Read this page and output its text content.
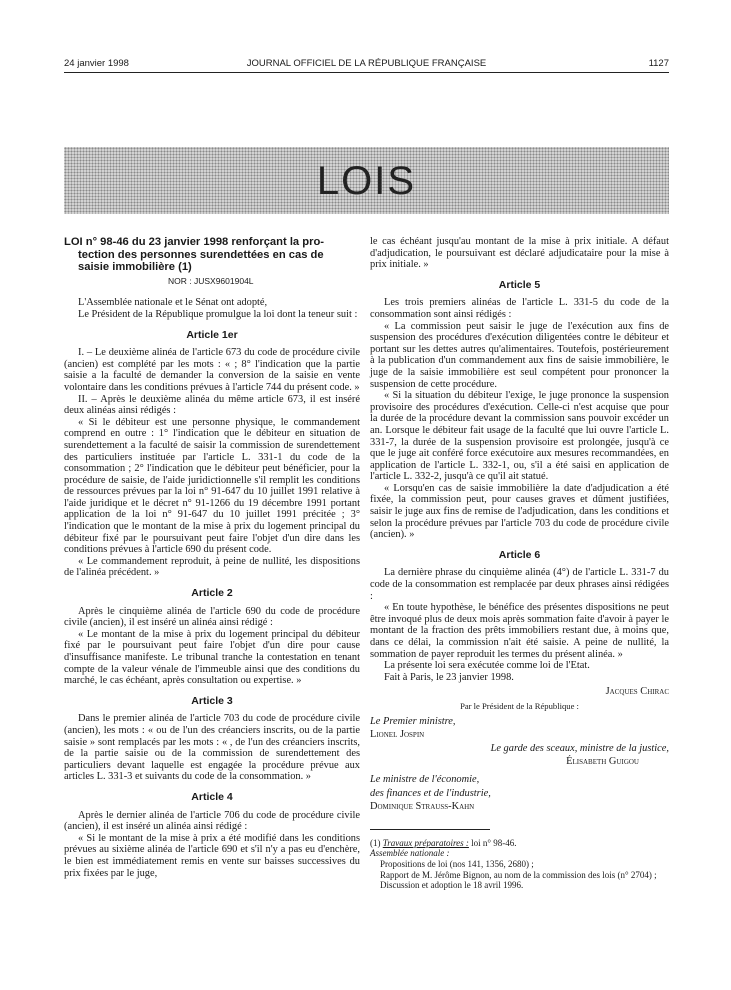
24 janvier 1998	JOURNAL OFFICIEL DE LA RÉPUBLIQUE FRANÇAISE	1127
LOIS
LOI n° 98-46 du 23 janvier 1998 renforçant la pro-
tection des personnes surendettées en cas de
saisie immobilière (1)
NOR : JUSX9601904L

L'Assemblée nationale et le Sénat ont adopté,

Le Président de la République promulgue la loi dont la teneur suit :

Article 1er

I. – Le deuxième alinéa de l'article 673 du code de procédure civile (ancien) est complété par les mots : « ; 8° l'indication que la partie saisie a la faculté de demander la conversion de la saisie en vente volontaire dans les conditions prévues à l'article 744 du présent code. »

II. – Après le deuxième alinéa du même article 673, il est inséré deux alinéas ainsi rédigés :

« Si le débiteur est une personne physique, le commandement comprend en outre : 1° l'indication que le débiteur en situation de surendettement a la faculté de saisir la commission de surendettement des particuliers instituée par l'article L. 331-1 du code de la consommation ; 2° l'indication que le débiteur peut bénéficier, pour la procédure de saisie, de l'aide juridictionnelle s'il remplit les conditions de ressources prévues par la loi n° 91-647 du 10 juillet 1991 relative à l'aide juridique et le décret n° 91-1266 du 19 décembre 1991 portant application de la loi n° 91-647 du 10 juillet 1991 précitée ; 3° l'indication que le montant de la mise à prix du logement principal du débiteur fixé par le poursuivant peut faire l'objet d'un dire dans les conditions prévues à l'article 690 du présent code.

« Le commandement reproduit, à peine de nullité, les dispositions de l'alinéa précédent. »

Article 2

Après le cinquième alinéa de l'article 690 du code de procédure civile (ancien), il est inséré un alinéa ainsi rédigé :

« Le montant de la mise à prix du logement principal du débiteur fixé par le poursuivant peut faire l'objet d'un dire pour cause d'insuffisance manifeste. Le tribunal tranche la contestation en tenant compte de la valeur vénale de l'immeuble ainsi que des conditions du marché, le cas échéant, après consultation ou expertise. »

Article 3

Dans le premier alinéa de l'article 703 du code de procédure civile (ancien), les mots : « ou de l'un des créanciers inscrits, ou de la partie saisie » sont remplacés par les mots : « , de l'un des créanciers inscrits, de la partie saisie ou de la commission de surendettement des particuliers devant laquelle est engagée la procédure prévue aux articles L. 331-3 et suivants du code de la consommation. »

Article 4

Après le dernier alinéa de l'article 706 du code de procédure civile (ancien), il est inséré un alinéa ainsi rédigé :

« Si le montant de la mise à prix a été modifié dans les conditions prévues au sixième alinéa de l'article 690 et s'il n'y a pas eu d'enchère, le bien est immédiatement remis en vente sur baisses successives du prix fixées par le juge,

le cas échéant jusqu'au montant de la mise à prix initiale. A défaut d'adjudication, le poursuivant est déclaré adjudicataire pour la mise à prix initiale. »

Article 5

Les trois premiers alinéas de l'article L. 331-5 du code de la consommation sont ainsi rédigés :

« La commission peut saisir le juge de l'exécution aux fins de suspension des procédures d'exécution diligentées contre le débiteur et portant sur les dettes autres qu'alimentaires. Toutefois, postérieurement à la publication d'un commandement aux fins de saisie immobilière, le juge de la saisie immobilière est seul compétent pour prononcer la suspension de cette procédure.

« Si la situation du débiteur l'exige, le juge prononce la suspension provisoire des procédures d'exécution. Celle-ci n'est acquise que pour la durée de la procédure devant la commission sans pouvoir excéder un an. Lorsque le débiteur fait usage de la faculté que lui ouvre l'article L. 331-7, la durée de la suspension provisoire est prolongée, jusqu'à ce que le juge ait conféré force exécutoire aux mesures recommandées, en application de l'article L. 332-1, ou, s'il a été saisi en application de l'article L. 332-2, jusqu'à ce qu'il ait statué.

« Lorsqu'en cas de saisie immobilière la date d'adjudication a été fixée, la commission peut, pour causes graves et dûment justifiées, saisir le juge aux fins de remise de l'adjudication, dans les conditions et selon la procédure prévues par l'article 703 du code de procédure civile (ancien). »

Article 6

La dernière phrase du cinquième alinéa (4°) de l'article L. 331-7 du code de la consommation est remplacée par deux phrases ainsi rédigées :

« En toute hypothèse, le bénéfice des présentes dispositions ne peut être invoqué plus de deux mois après sommation faite d'avoir à payer le montant de la fraction des prêts immobiliers restant due, à moins que, dans ce délai, la commission n'ait été saisie. A peine de nullité, la sommation de payer reproduit les termes du présent alinéa. »

La présente loi sera exécutée comme loi de l'Etat.

Fait à Paris, le 23 janvier 1998.

Jacques Chirac
Par le Président de la République :
Le Premier ministre,
Lionel Jospin
Le garde des sceaux, ministre de la justice,
Élisabeth Guigou
Le ministre de l'économie,
des finances et de l'industrie,
Dominique Strauss-Kahn
(1) Travaux préparatoires : loi n° 98-46.
Assemblée nationale :
Propositions de loi (nos 141, 1356, 2680) ;
Rapport de M. Jérôme Bignon, au nom de la commission des lois (n° 2704) ;
Discussion et adoption le 18 avril 1996.
